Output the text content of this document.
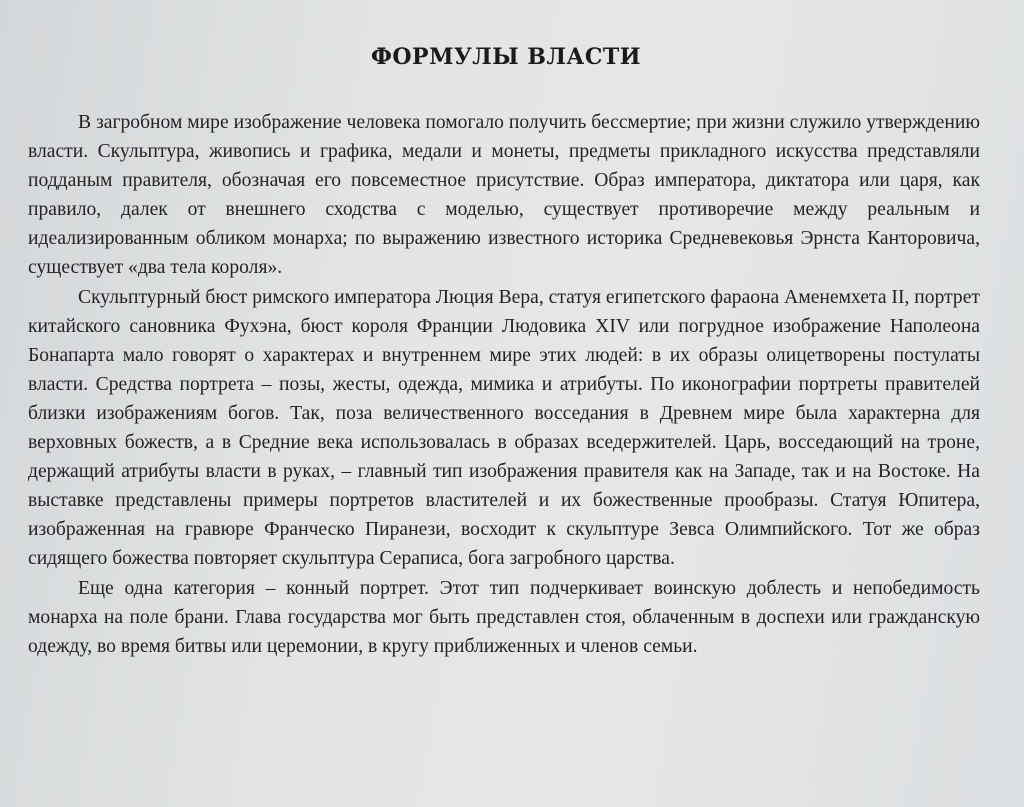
ФОРМУЛЫ ВЛАСТИ

В загробном мире изображение человека помогало получить бессмертие; при жизни служило утверждению власти. Скульптура, живопись и графика, медали и монеты, предметы прикладного искусства представляли подданым правителя, обозначая его повсеместное присутствие. Образ императора, диктатора или царя, как правило, далек от внешнего сходства с моделью, существует противоречие между реальным и идеализированным обликом монарха; по выражению известного историка Средневековья Эрнста Канторовича, существует «два тела короля».

Скульптурный бюст римского императора Люция Вера, статуя египетского фараона Аменемхета II, портрет китайского сановника Фухэна, бюст короля Франции Людовика XIV или погрудное изображение Наполеона Бонапарта мало говорят о характерах и внутреннем мире этих людей: в их образы олицетворены постулаты власти. Средства портрета – позы, жесты, одежда, мимика и атрибуты. По иконографии портреты правителей близки изображениям богов. Так, поза величественного восседания в Древнем мире была характерна для верховных божеств, а в Средние века использовалась в образах вседержителей. Царь, восседающий на троне, держащий атрибуты власти в руках, – главный тип изображения правителя как на Западе, так и на Востоке. На выставке представлены примеры портретов властителей и их божественные прообразы. Статуя Юпитера, изображенная на гравюре Франческо Пиранези, восходит к скульптуре Зевса Олимпийского. Тот же образ сидящего божества повторяет скульптура Сераписа, бога загробного царства.

Еще одна категория – конный портрет. Этот тип подчеркивает воинскую доблесть и непобедимость монарха на поле брани. Глава государства мог быть представлен стоя, облаченным в доспехи или гражданскую одежду, во время битвы или церемонии, в кругу приближенных и членов семьи.
